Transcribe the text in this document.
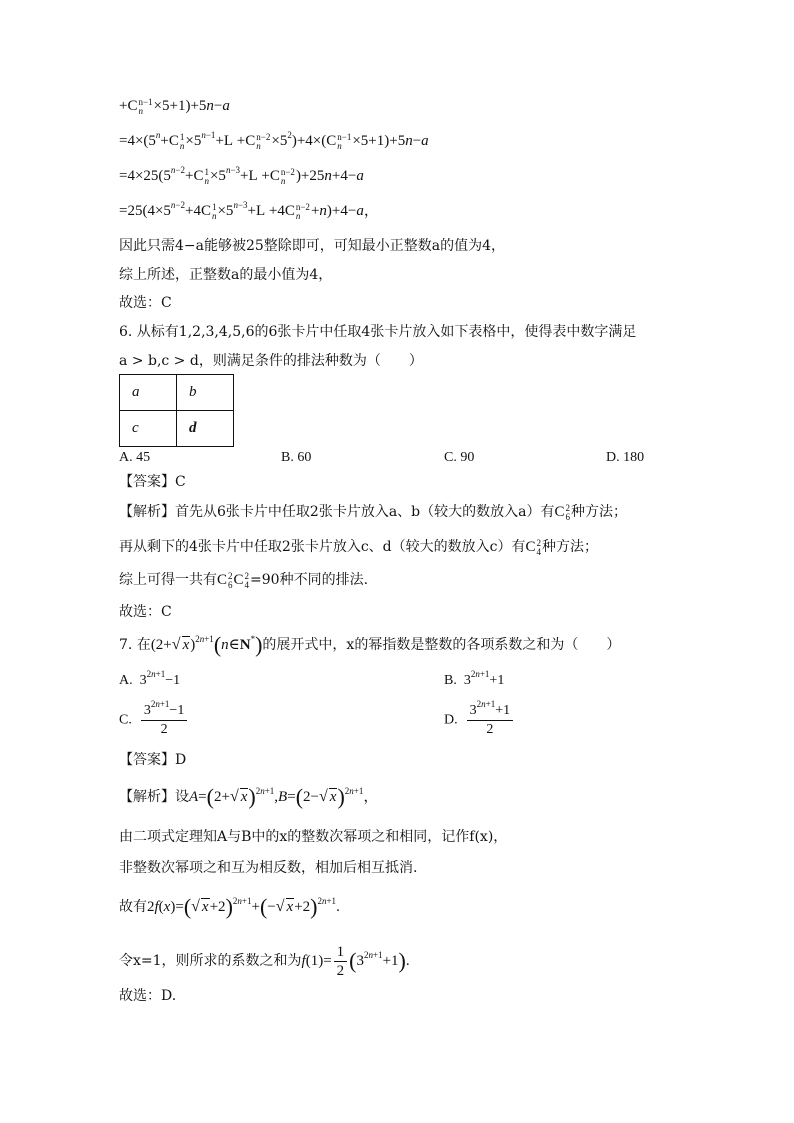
+C n−1
n ×5+1)+5n−a
$=4\times(5^n+C$ 1
$n \times 5^{n-1}+L +C$ n−2
$n \times 5^2)+4\times(C$ n−1
n ×5+1)+5n−a
$=4\times 25(5^{n-2}+C$ 1
$n \times 5^{n-3}+L +C$ n−2
n )+25n+4−a
$=25(4\times 5^{n-2}+4C$ 1
$n \times 5^{n-3}+L +4C$ n−2
n +n)+4−a，
因此只需4−a能够被25整除即可，可知最小正整数a的值为4，
综上所述，正整数a的最小值为4，
故选：C
6. 从标有1,2,3,4,5,6的6张卡片中任取4张卡片放入如下表格中，使得表中数字满足
a > b,c > d，则满足条件的排法种数为（　　）
a	b
c	d
A. 45	B. 60	C. 90	D. 180
【答案】C
【解析】首先从6张卡片中任取2张卡片放入a、b（较大的数放入a）有C 2
6 种方法；
再从剩下的4张卡片中任取2张卡片放入c、d（较大的数放入c）有C 2
4 种方法；
综上可得一共有C 2
6 C 2
4 =90种不同的排法.
故选：C
7. 在(2+√ x)$^{2n+1}$(n∈N*)的展开式中，x的幂指数是整数的各项系数之和为（　　）
A.  $3^{2n+1}-1$	B.  $3^{2n+1}+1$
C. $\frac{3^{2n+1}-1}{2}$	D. $\frac{3^{2n+1}+1}{2}$
【答案】D
【解析】设A=(2+√ x)$^{2n+1}$,B=(2−√ x)$^{2n+1}$，
由二项式定理知A与B中的x的整数次幂项之和相同，记作f(x)，
非整数次幂项之和互为相反数，相加后相互抵消.
故有2f(x)=(√ x+2)$^{2n+1}$+(−√ x+2)$^{2n+1}$.
令x=1，则所求的系数之和为$f(1)= \frac{1}{2} (3^{2n+1}+1)$.
故选：D.
